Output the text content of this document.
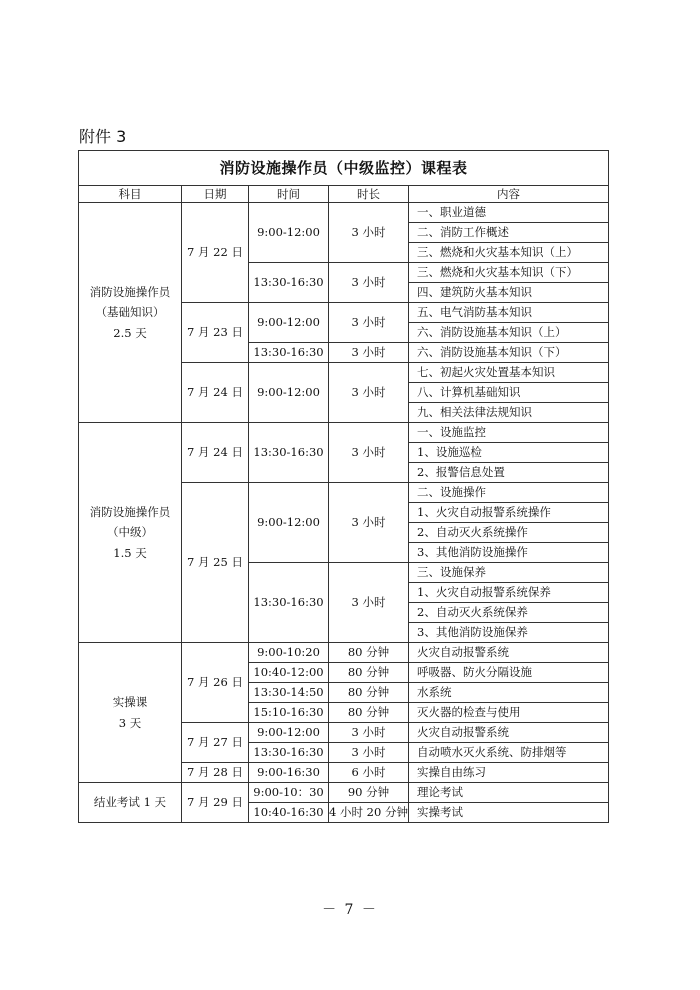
附件 3
消防设施操作员（中级监控）课程表				
科目	日期	时间	时长	内容
消防设施操作员
（基础知识）
2.5 天	7 月 22 日	9:00-12:00	3 小时	一、职业道德
				二、消防工作概述
				三、燃烧和火灾基本知识（上）
		13:30-16:30	3 小时	三、燃烧和火灾基本知识（下）
				四、建筑防火基本知识
	7 月 23 日	9:00-12:00	3 小时	五、电气消防基本知识
				六、消防设施基本知识（上）
		13:30-16:30	3 小时	六、消防设施基本知识（下）
	7 月 24 日	9:00-12:00	3 小时	七、初起火灾处置基本知识
				八、计算机基础知识
				九、相关法律法规知识
消防设施操作员
（中级）
1.5 天	7 月 24 日	13:30-16:30	3 小时	一、设施监控
				1、设施巡检
				2、报警信息处置
	7 月 25 日	9:00-12:00	3 小时	二、设施操作
				1、火灾自动报警系统操作
				2、自动灭火系统操作
				3、其他消防设施操作
		13:30-16:30	3 小时	三、设施保养
				1、火灾自动报警系统保养
				2、自动灭火系统保养
				3、其他消防设施保养
实操课
3 天	7 月 26 日	9:00-10:20	80 分钟	火灾自动报警系统
		10:40-12:00	80 分钟	呼吸器、防火分隔设施
		13:30-14:50	80 分钟	水系统
		15:10-16:30	80 分钟	灭火器的检查与使用
	7 月 27 日	9:00-12:00	3 小时	火灾自动报警系统
		13:30-16:30	3 小时	自动喷水灭火系统、防排烟等
	7 月 28 日	9:00-16:30	6 小时	实操自由练习
结业考试 1 天	7 月 29 日	9:00-10：30	90 分钟	理论考试
		10:40-16:30	4 小时 20 分钟	实操考试
－ 7 －
